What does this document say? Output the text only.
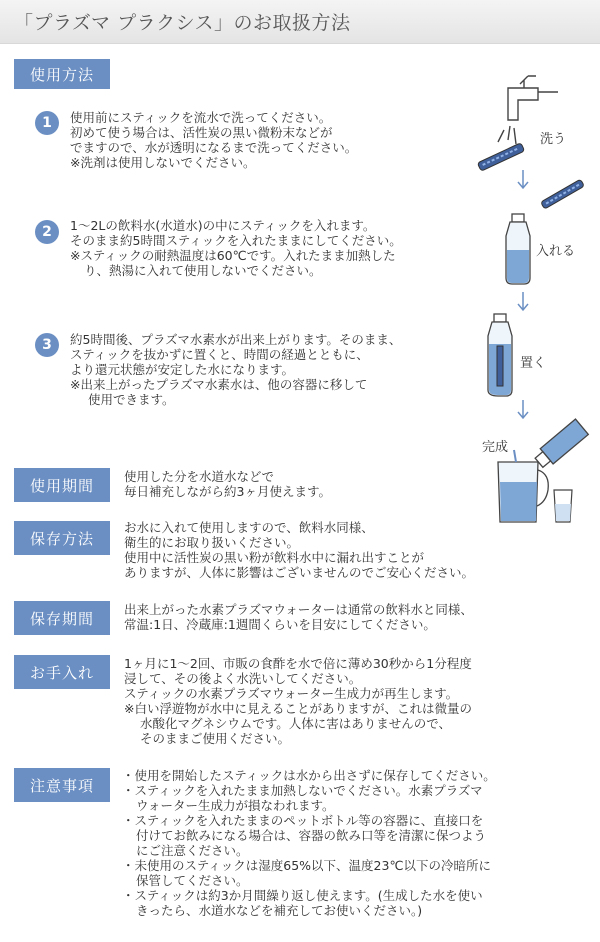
「プラズマ プラクシス」のお取扱方法
使用方法
1	使用前にスティックを流水で洗ってください。
初めて使う場合は、活性炭の黒い微粉末などが
でますので、水が透明になるまで洗ってください。
※洗剤は使用しないでください。
2	1〜2Lの飲料水(水道水)の中にスティックを入れます。
そのまま約5時間スティックを入れたままにしてください。
※スティックの耐熱温度は60℃です。入れたまま加熱した
り、熱湯に入れて使用しないでください。
3	約5時間後、プラズマ水素水が出来上がります。そのまま、
スティックを抜かずに置くと、時間の経過とともに、
より還元状態が安定した水になります。
※出来上がったプラズマ水素水は、他の容器に移して
使用できます。
洗う
入れる
置く
完成
使用期間	使用した分を水道水などで
毎日補充しながら約3ヶ月使えます。
保存方法
お水に入れて使用しますので、飲料水同様、
衛生的にお取り扱いください。
使用中に活性炭の黒い粉が飲料水中に漏れ出すことが
ありますが、人体に影響はございませんのでご安心ください。
保存期間	出来上がった水素プラズマウォーターは通常の飲料水と同様、
常温:1日、冷蔵庫:1週間くらいを目安にしてください。
お手入れ	1ヶ月に1〜2回、市販の食酢を水で倍に薄め30秒から1分程度
浸して、その後よく水洗いしてください。
スティックの水素プラズマウォーター生成力が再生します。
※白い浮遊物が水中に見えることがありますが、これは微量の
水酸化マグネシウムです。人体に害はありませんので、
そのままご使用ください。
注意事項
・使用を開始したスティックは水から出さずに保存してください。
・スティックを入れたまま加熱しないでください。水素プラズマ
ウォーター生成力が損なわれます。
・スティックを入れたままのペットボトル等の容器に、直接口を
付けてお飲みになる場合は、容器の飲み口等を清潔に保つよう
にご注意ください。
・未使用のスティックは湿度65%以下、温度23℃以下の冷暗所に
保管してください。
・スティックは約3か月間繰り返し使えます。(生成した水を使い
きったら、水道水などを補充してお使いください。)
